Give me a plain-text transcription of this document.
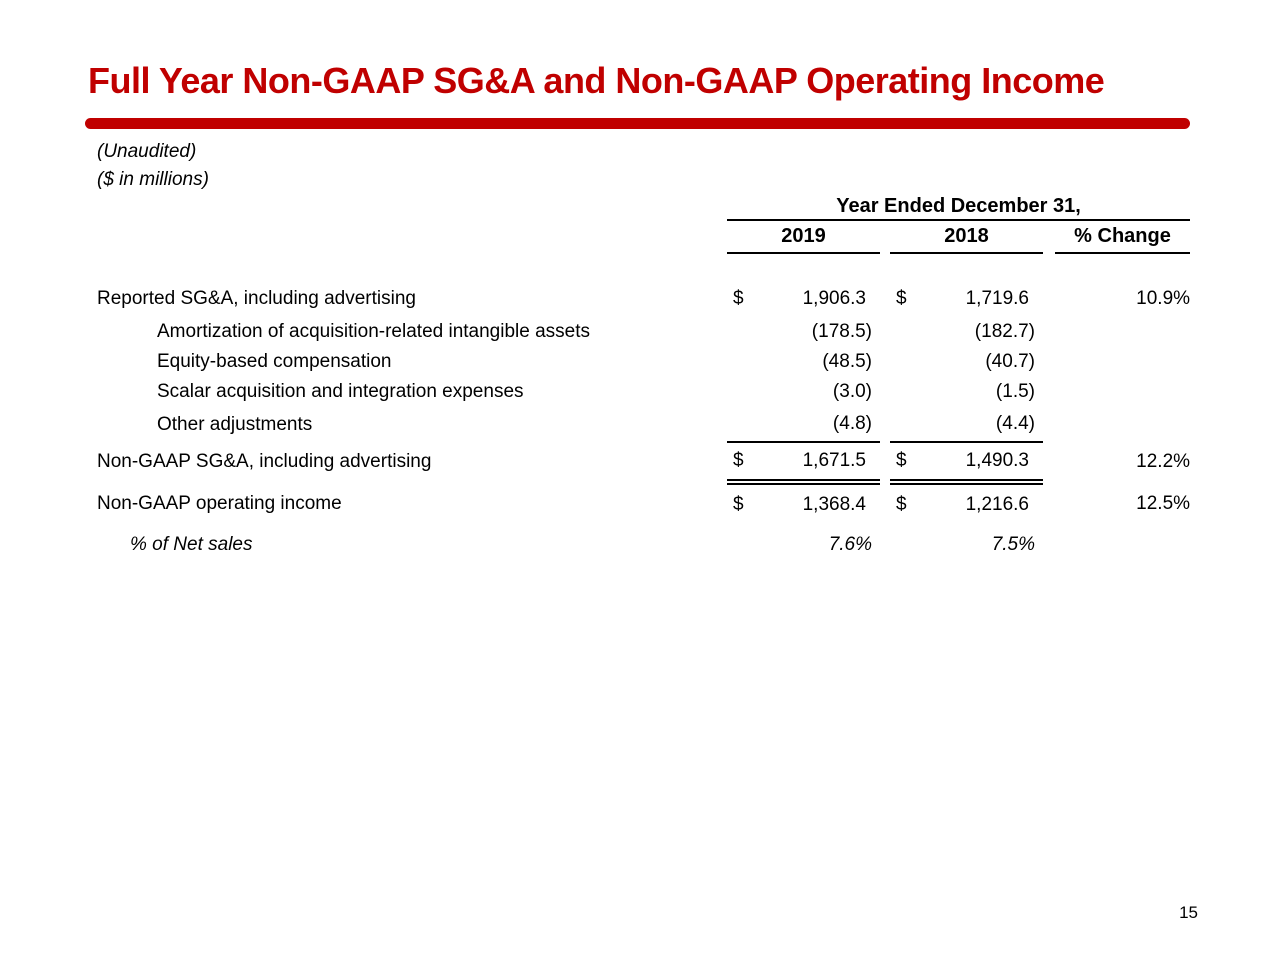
Full Year Non-GAAP SG&A and Non-GAAP Operating Income
(Unaudited)
($ in millions)
	Year Ended December 31,				
	2019		2018		% Change

Reported SG&A, including advertising	$ 1,906.3		$ 1,719.6		10.9%
Amortization of acquisition-related intangible assets	(178.5)		(182.7)		

Equity-based compensation	(48.5)		(40.7)		

Scalar acquisition and integration expenses	(3.0)		(1.5)		

Other adjustments	(4.8)		(4.4)		

Non-GAAP SG&A, including advertising	$ 1,671.5		$ 1,490.3		12.2%
Non-GAAP operating income	$ 1,368.4		$ 1,216.6		12.5%
% of Net sales	7.6%		7.5%		

15
